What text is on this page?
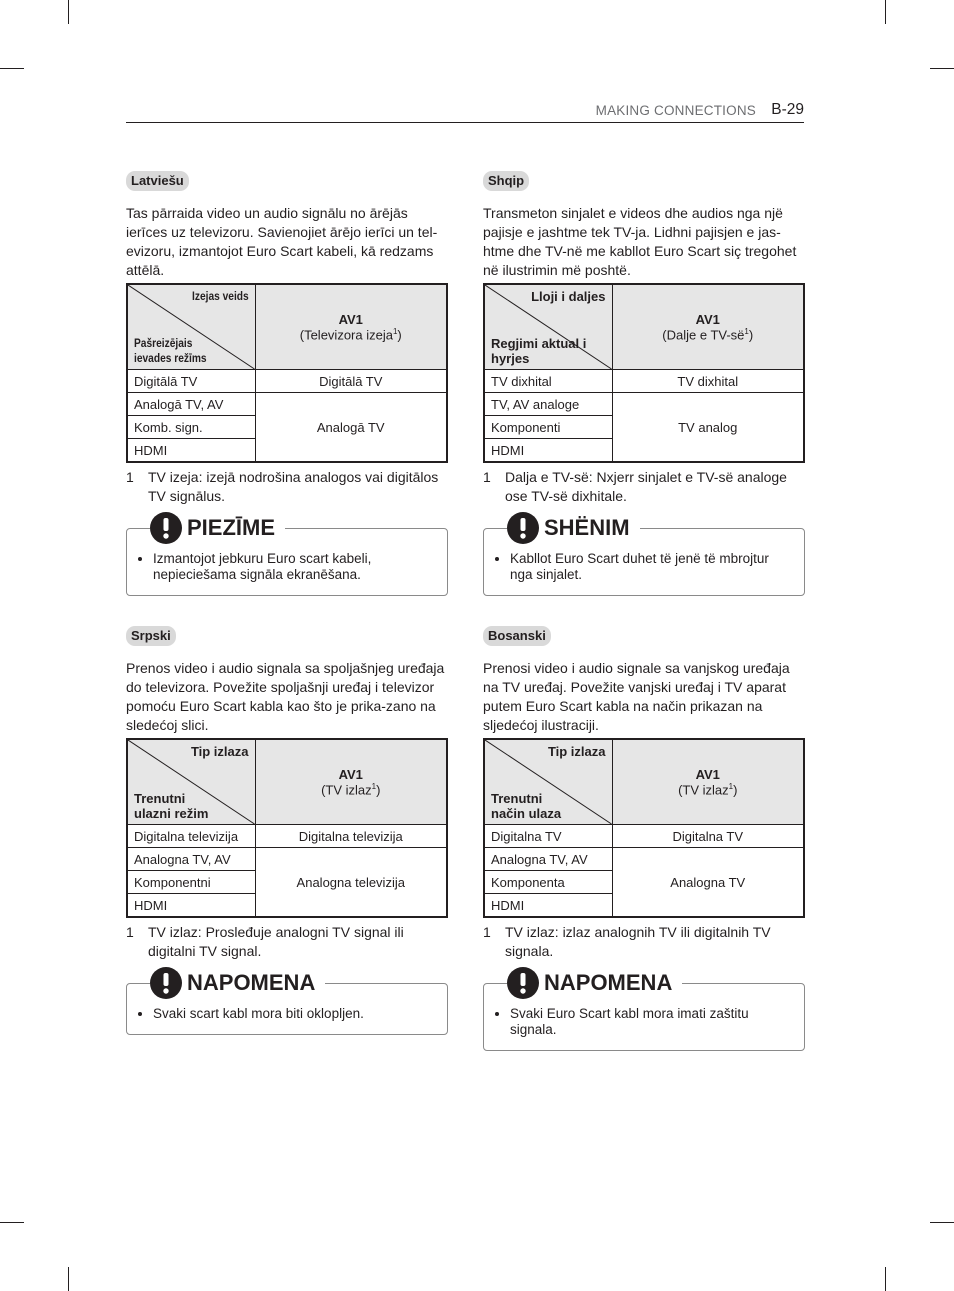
MAKING CONNECTIONS B-29
Latviešu

Tas pārraida video un audio signālu no ārējās ierīces uz televizoru. Savienojiet ārējo ierīci un tel-evizoru, izmantojot Euro Scart kabeli, kā redzams attēlā.

Izejas veids
Pašreizējais ievades režīms	AV1
(Televizora izeja$^1$)

Digitālā TV	Digitālā TV
Analogā TV, AV	Analogā TV
Komb. sign.	
HDMI	
1	TV izeja: izejā nodrošina analogos vai digitālos TV signālus.
• Izmantojot jebkuru Euro scart kabeli, nepieciešama signāla ekranēšana.
PIEZĪME
Shqip

Transmeton sinjalet e videos dhe audios nga një pajisje e jashtme tek TV-ja. Lidhni pajisjen e jas-htme dhe TV-në me kabllot Euro Scart siç tregohet në ilustrimin më poshtë.

Lloji i daljes
Regjimi aktual i hyrjes	AV1
(Dalje e $TV-së^1$)

TV dixhital	TV dixhital
TV, AV analoge	TV analog
Komponenti	
HDMI	
1	Dalja e TV-së: Nxjerr sinjalet e TV-së analoge ose TV-së dixhitale.
• Kabllot Euro Scart duhet të jenë të mbrojtur nga sinjalet.
SHËNIM
Srpski

Prenos video i audio signala sa spoljašnjeg uređaja do televizora. Povežite spoljašnji uređaj i televizor pomoću Euro Scart kabla kao što je prika-zano na sledećoj slici.

Tip izlaza
Trenutni ulazni režim	AV1
(TV izlaz$^1$)

Digitalna televizija	Digitalna televizija
Analogna TV, AV	Analogna televizija
Komponentni	
HDMI	
1	TV izlaz: Prosleđuje analogni TV signal ili digitalni TV signal.
• Svaki scart kabl mora biti oklopljen.
NAPOMENA
Bosanski

Prenosi video i audio signale sa vanjskog uređaja na TV uređaj. Povežite vanjski uređaj i TV aparat putem Euro Scart kabla na način prikazan na sljedećoj ilustraciji.

Tip izlaza
Trenutni način ulaza	AV1
(TV izlaz$^1$)

Digitalna TV	Digitalna TV
Analogna TV, AV	Analogna TV
Komponenta	
HDMI	
1	TV izlaz: izlaz analognih TV ili digitalnih TV signala.
• Svaki Euro Scart kabl mora imati zaštitu signala.
NAPOMENA
